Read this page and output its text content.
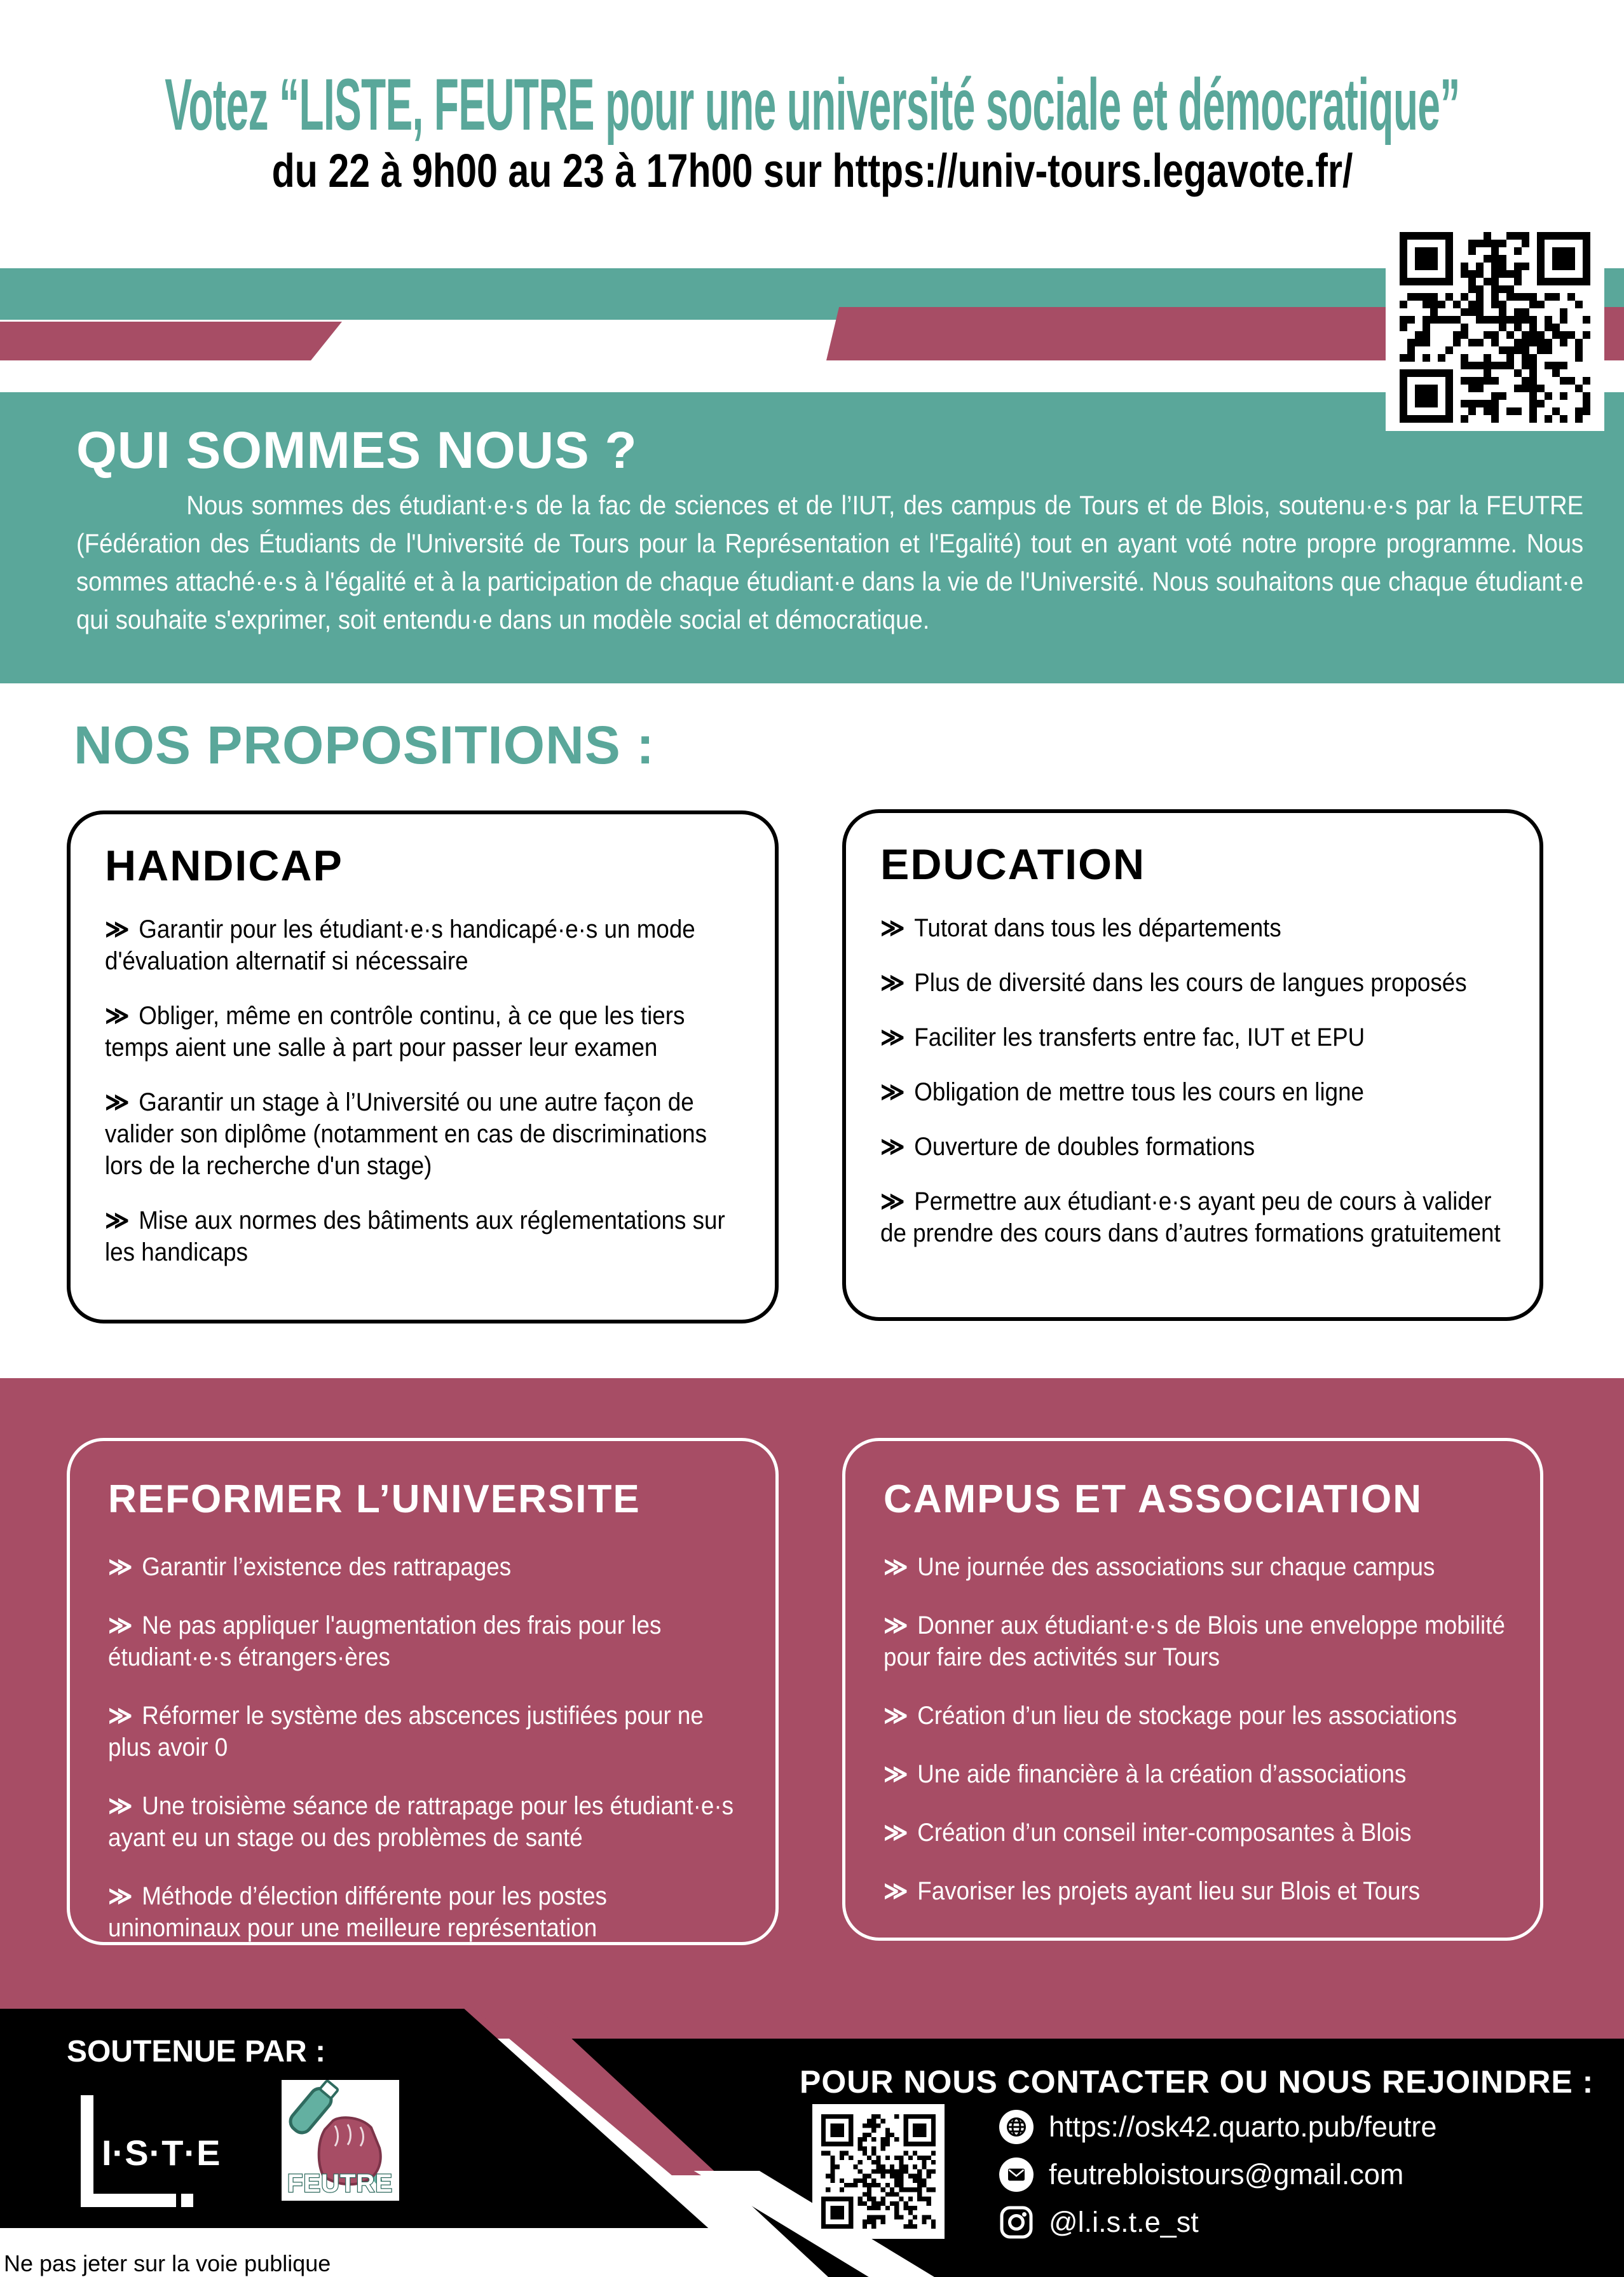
Votez “LISTE, FEUTRE pour une université sociale et démocratique”
du 22 à 9h00 au 23 à 17h00 sur https://univ-tours.legavote.fr/
QUI SOMMES NOUS ?

Nous sommes des étudiant·e·s de la fac de sciences et de l’IUT, des campus de Tours et de Blois, soutenu·e·s par la FEUTRE (Fédération des Étudiants de l'Université de Tours pour la Représentation et l'Egalité) tout en ayant voté notre propre programme. Nous sommes attaché·e·s à l'égalité et à la participation de chaque étudiant·e dans la vie de l'Université. Nous souhaitons que chaque étudiant·e qui souhaite s'exprimer, soit entendu·e dans un modèle social et démocratique.

NOS PROPOSITIONS :
HANDICAP
≫ Garantir pour les étudiant·e·s handicapé·e·s un mode d'évaluation alternatif si nécessaire
≫ Obliger, même en contrôle continu, à ce que les tiers temps aient une salle à part pour passer leur examen
≫ Garantir un stage à l’Université ou une autre façon de valider son diplôme (notamment en cas de discriminations lors de la recherche d'un stage)
≫ Mise aux normes des bâtiments aux réglementations sur les handicaps
EDUCATION
≫ Tutorat dans tous les départements
≫ Plus de diversité dans les cours de langues proposés
≫ Faciliter les transferts entre fac, IUT et EPU
≫ Obligation de mettre tous les cours en ligne
≫ Ouverture de doubles formations
≫ Permettre aux étudiant·e·s ayant peu de cours à valider de prendre des cours dans d’autres formations gratuitement
REFORMER L’UNIVERSITE
≫ Garantir l’existence des rattrapages
≫ Ne pas appliquer l'augmentation des frais pour les étudiant·e·s étrangers·ères
≫ Réformer le système des abscences justifiées pour ne plus avoir 0
≫ Une troisième séance de rattrapage pour les étudiant·e·s ayant eu un stage ou des problèmes de santé
≫ Méthode d’élection différente pour les postes uninominaux pour une meilleure représentation
CAMPUS ET ASSOCIATION
≫ Une journée des associations sur chaque campus
≫ Donner aux étudiant·e·s de Blois une enveloppe mobilité pour faire des activités sur Tours
≫ Création d’un lieu de stockage pour les associations
≫ Une aide financière à la création d’associations
≫ Création d’un conseil inter-composantes à Blois
≫ Favoriser les projets ayant lieu sur Blois et Tours
SOUTENUE PAR :
I·S·T·E
FEUTRE
POUR NOUS CONTACTER OU NOUS REJOINDRE :
https://osk42.quarto.pub/feutre
feutrebloistours@gmail.com
@l.i.s.t.e_st
Ne pas jeter sur la voie publique
